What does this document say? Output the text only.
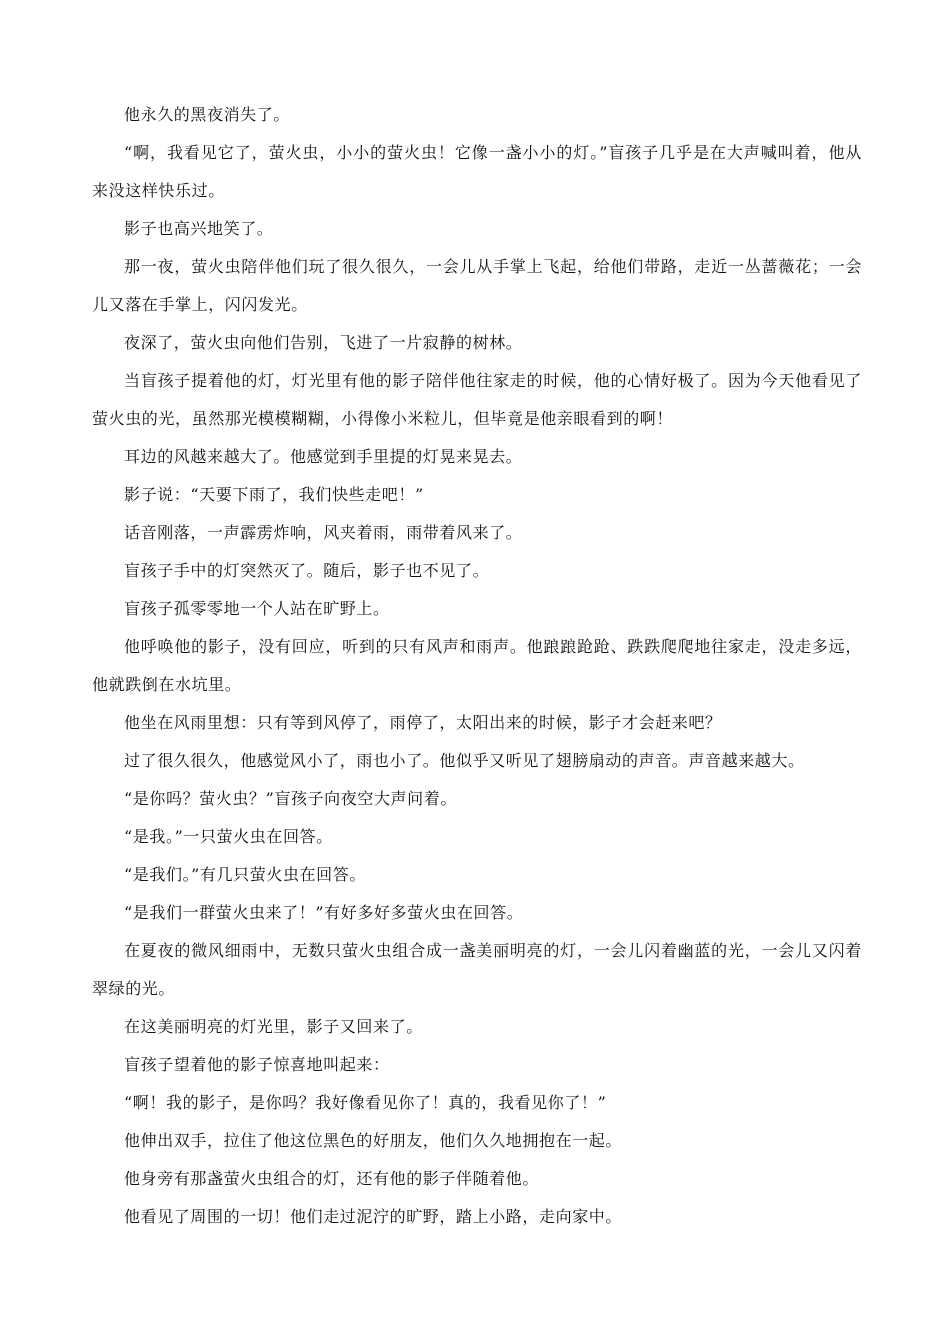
他永久的黑夜消失了。

“啊，我看见它了，萤火虫，小小的萤火虫！它像一盏小小的灯。”盲孩子几乎是在大声喊叫着，他从来没这样快乐过。

影子也高兴地笑了。

那一夜，萤火虫陪伴他们玩了很久很久，一会儿从手掌上飞起，给他们带路，走近一丛蔷薇花；一会儿又落在手掌上，闪闪发光。

夜深了，萤火虫向他们告别，飞进了一片寂静的树林。

当盲孩子提着他的灯，灯光里有他的影子陪伴他往家走的时候，他的心情好极了。因为今天他看见了萤火虫的光，虽然那光模模糊糊，小得像小米粒儿，但毕竟是他亲眼看到的啊！

耳边的风越来越大了。他感觉到手里提的灯晃来晃去。

影子说：“天要下雨了，我们快些走吧！”

话音刚落，一声霹雳炸响，风夹着雨，雨带着风来了。

盲孩子手中的灯突然灭了。随后，影子也不见了。

盲孩子孤零零地一个人站在旷野上。

他呼唤他的影子，没有回应，听到的只有风声和雨声。他踉踉跄跄、跌跌爬爬地往家走，没走多远，他就跌倒在水坑里。

他坐在风雨里想：只有等到风停了，雨停了，太阳出来的时候，影子才会赶来吧？

过了很久很久，他感觉风小了，雨也小了。他似乎又听见了翅膀扇动的声音。声音越来越大。

“是你吗？萤火虫？”盲孩子向夜空大声问着。

“是我。”一只萤火虫在回答。

“是我们。”有几只萤火虫在回答。

“是我们一群萤火虫来了！”有好多好多萤火虫在回答。

在夏夜的微风细雨中，无数只萤火虫组合成一盏美丽明亮的灯，一会儿闪着幽蓝的光，一会儿又闪着翠绿的光。

在这美丽明亮的灯光里，影子又回来了。

盲孩子望着他的影子惊喜地叫起来：

“啊！我的影子，是你吗？我好像看见你了！真的，我看见你了！”

他伸出双手，拉住了他这位黑色的好朋友，他们久久地拥抱在一起。

他身旁有那盏萤火虫组合的灯，还有他的影子伴随着他。

他看见了周围的一切！他们走过泥泞的旷野，踏上小路，走向家中。
